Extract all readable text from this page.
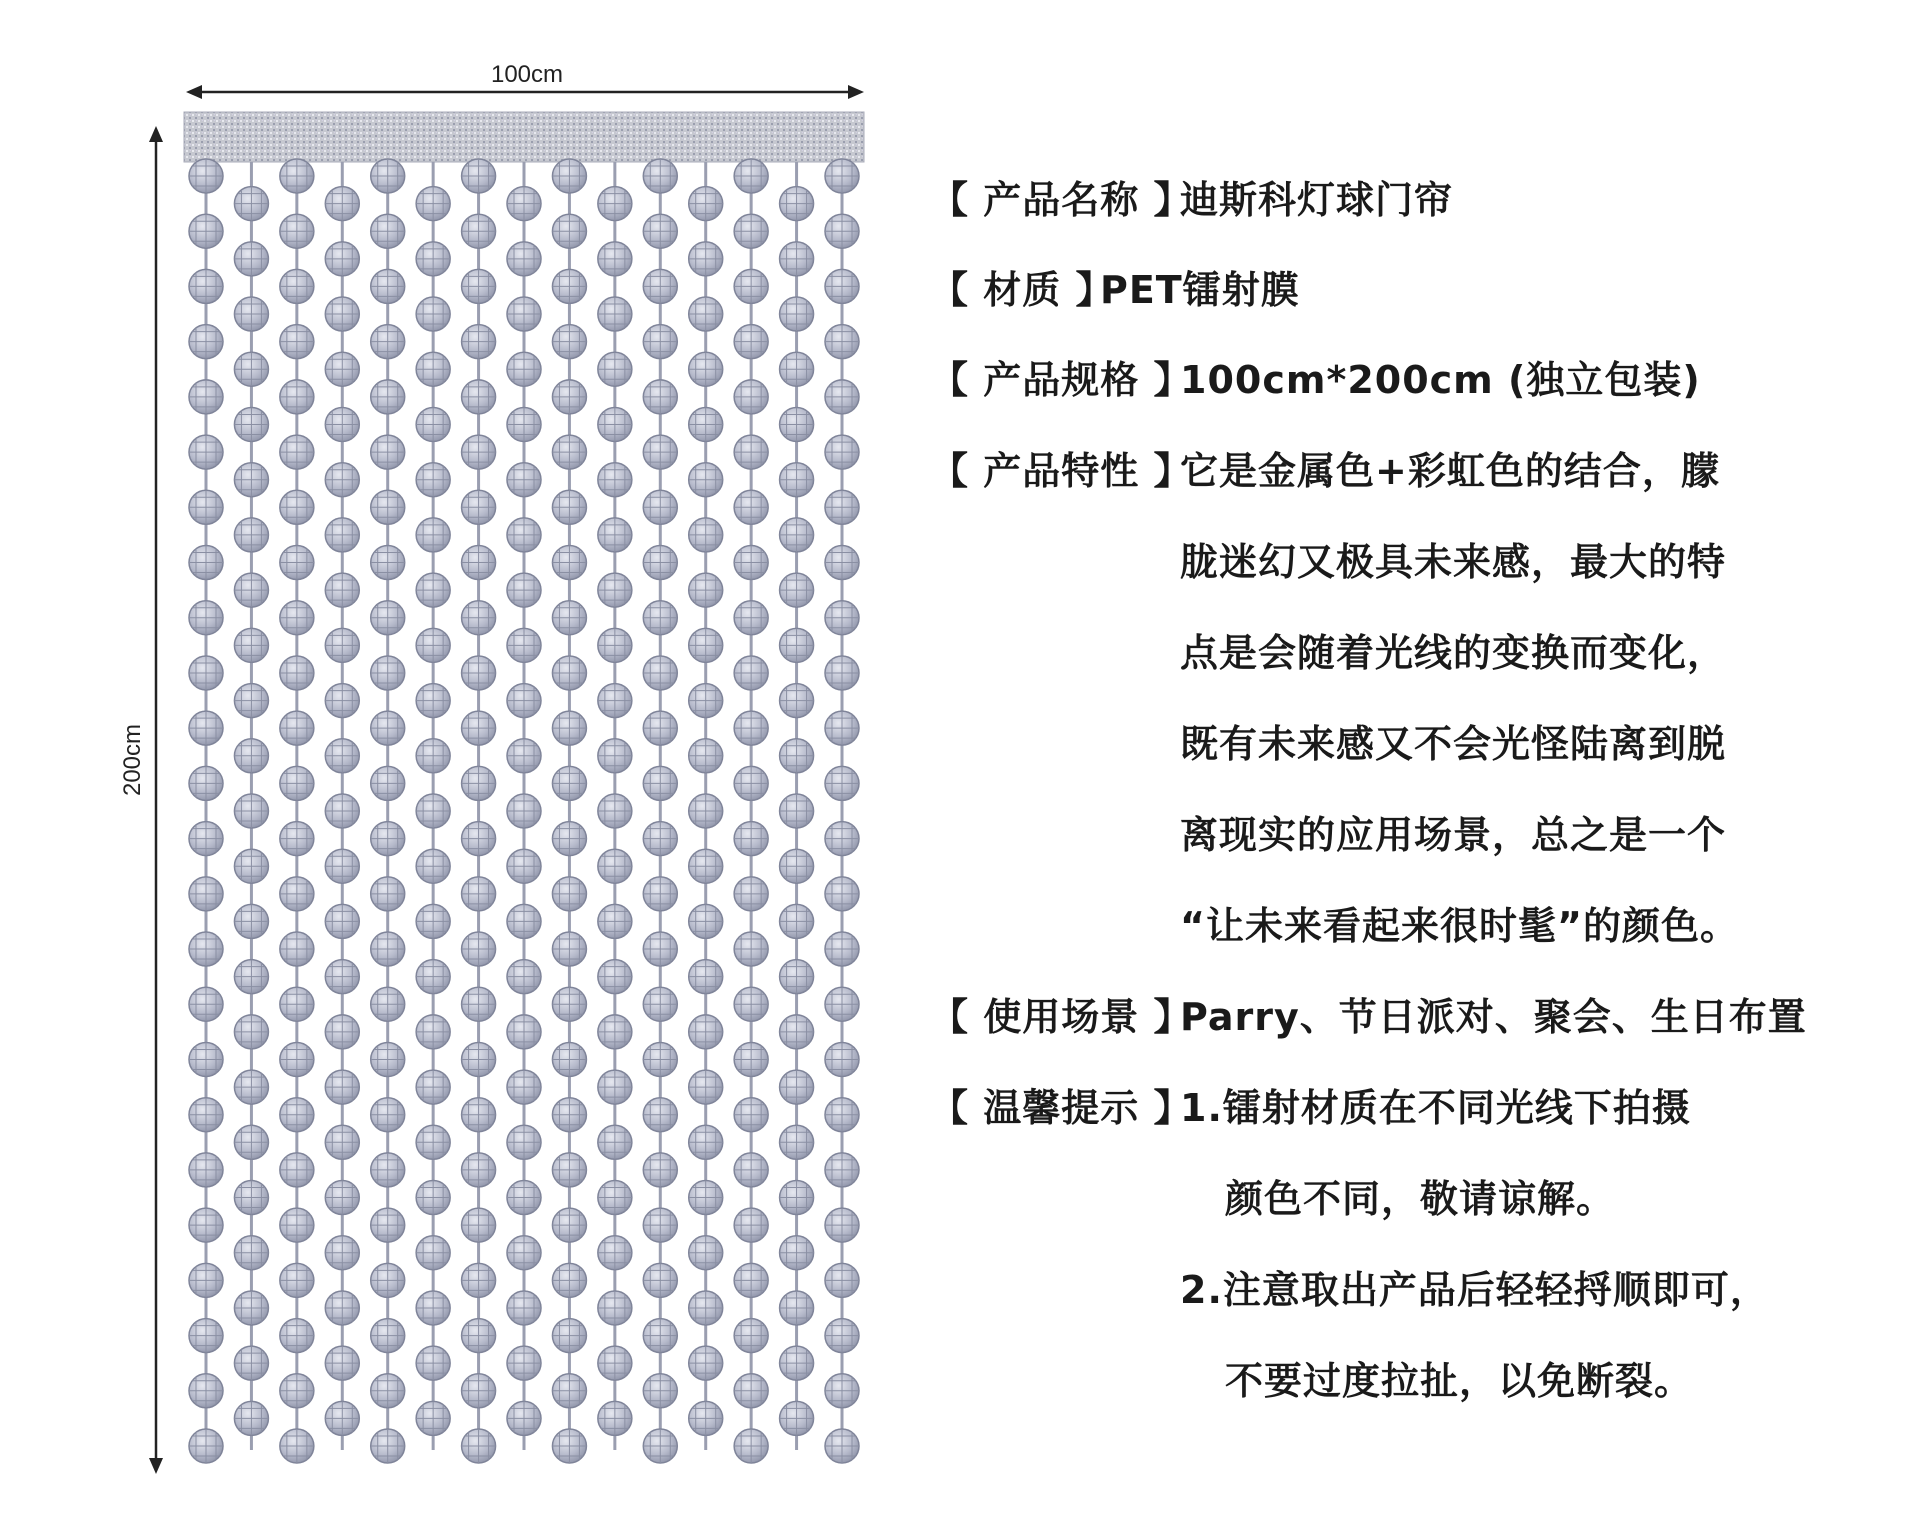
100cm
200cm
【 产品名称 】迪斯科灯球门帘
【 材质 】PET镭射膜
【 产品规格 】100cm*200cm (独立包装)
【 产品特性 】它是金属色+彩虹色的结合，朦
胧迷幻又极具未来感，最大的特
点是会随着光线的变换而变化，
既有未来感又不会光怪陆离到脱
离现实的应用场景，总之是一个
“让未来看起来很时髦”的颜色。
【 使用场景 】Parry、节日派对、聚会、生日布置
【 温馨提示 】1.镭射材质在不同光线下拍摄
颜色不同，敬请谅解。
2.注意取出产品后轻轻捋顺即可，
不要过度拉扯，以免断裂。
